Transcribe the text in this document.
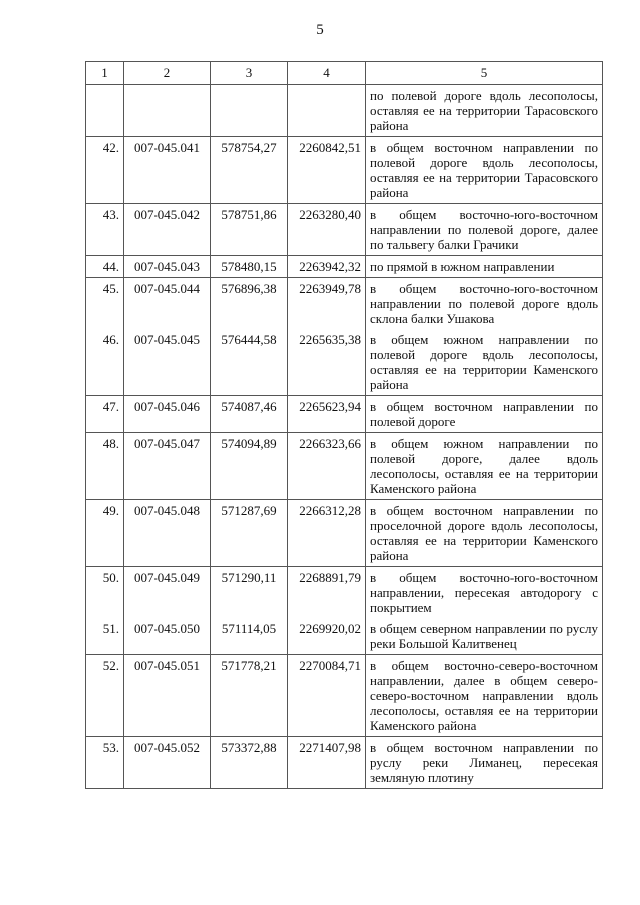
5
1	2	3	4	5
				по полевой дороге вдоль лесополосы, оставляя ее на территории Тарасовского района
42.	007-045.041	578754,27	2260842,51	в общем восточном направлении по полевой дороге вдоль лесополосы, оставляя ее на территории Тарасовского района
43.	007-045.042	578751,86	2263280,40	в общем восточно-юго-восточном направлении по полевой дороге, далее по тальвегу балки Грачики
44.	007-045.043	578480,15	2263942,32	по прямой в южном направлении
45.	007-045.044	576896,38	2263949,78	в общем восточно-юго-восточном направлении по полевой дороге вдоль склона балки Ушакова
46.	007-045.045	576444,58	2265635,38	в общем южном направлении по полевой дороге вдоль лесополосы, оставляя ее на территории Каменского района
47.	007-045.046	574087,46	2265623,94	в общем восточном направлении по полевой дороге
48.	007-045.047	574094,89	2266323,66	в общем южном направлении по полевой дороге, далее вдоль лесополосы, оставляя ее на территории Каменского района
49.	007-045.048	571287,69	2266312,28	в общем восточном направлении по проселочной дороге вдоль лесополосы, оставляя ее на территории Каменского района
50.	007-045.049	571290,11	2268891,79	в общем восточно-юго-восточном направлении, пересекая автодорогу с покрытием
51.	007-045.050	571114,05	2269920,02	в общем северном направлении по руслу реки Большой Калитвенец
52.	007-045.051	571778,21	2270084,71	в общем восточно-северо-восточном направлении, далее в общем северо-северо-восточном направлении вдоль лесополосы, оставляя ее на территории Каменского района
53.	007-045.052	573372,88	2271407,98	в общем восточном направлении по руслу реки Лиманец, пересекая земляную плотину
